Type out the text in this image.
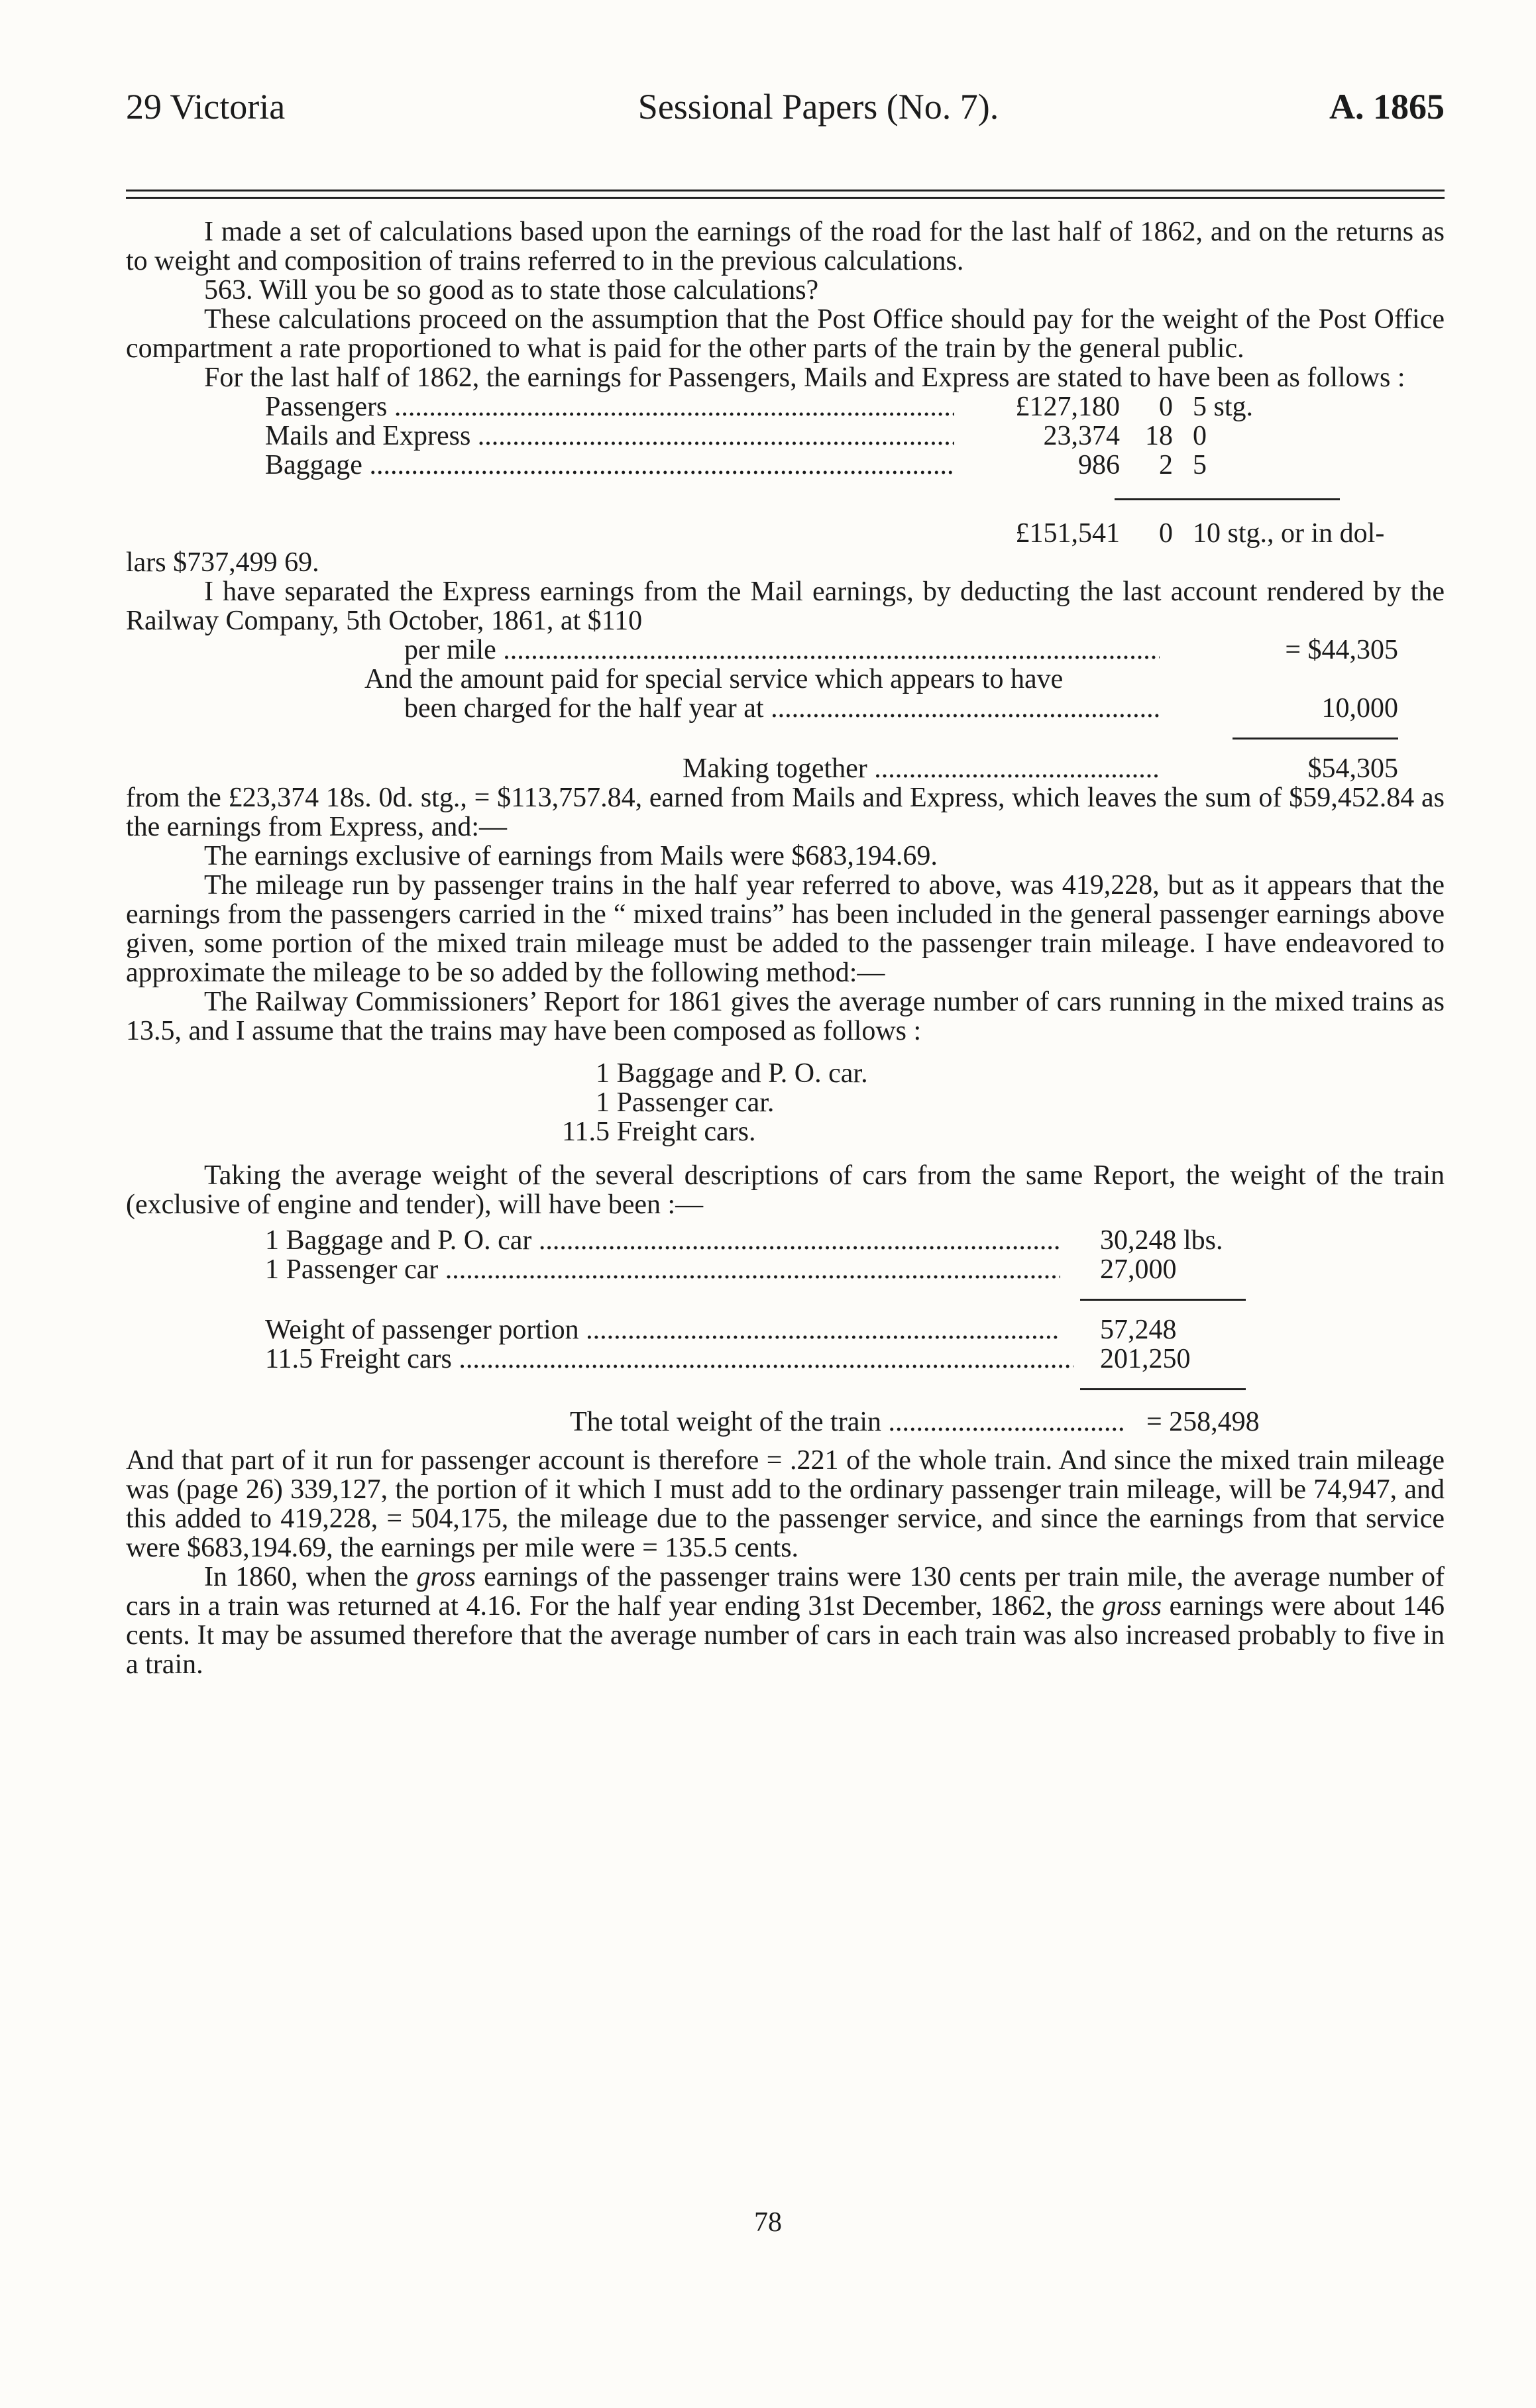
29 Victoria	Sessional Papers (No. 7).	A. 1865

I made a set of calculations based upon the earnings of the road for the last half of 1862, and on the returns as to weight and composition of trains referred to in the previous calculations.

563. Will you be so good as to state those calculations?

These calculations proceed on the assumption that the Post Office should pay for the weight of the Post Office compartment a rate proportioned to what is paid for the other parts of the train by the general public.

For the last half of 1862, the earnings for Passengers, Mails and Express are stated to have been as follows :

Passengers .....	£127,180	0 5 stg.
Mails and Express .....	23,374 18 0
Baggage .....	986	2 5
£151,541	0 10 stg., or in dol-

lars $737,499 69.

I have separated the Express earnings from the Mail earnings, by deducting the last account rendered by the Railway Company, 5th October, 1861, at $110

per mile .....	= $44,305
And the amount paid for special service which appears to have
been charged for the half year at .....	10,000
Making together .....	$54,305

from the £23,374 18s. 0d. stg., = $113,757.84, earned from Mails and Express, which leaves the sum of $59,452.84 as the earnings from Express, and:—

The earnings exclusive of earnings from Mails were $683,194.69.

The mileage run by passenger trains in the half year referred to above, was 419,228, but as it appears that the earnings from the passengers carried in the “ mixed trains” has been included in the general passenger earnings above given, some portion of the mixed train mileage must be added to the passenger train mileage. I have endeavored to approximate the mileage to be so added by the following method:—

The Railway Commissioners’ Report for 1861 gives the average number of cars running in the mixed trains as 13.5, and I assume that the trains may have been composed as follows :

1 Baggage and P. O. car.
1 Passenger car.
11.5 Freight cars.

Taking the average weight of the several descriptions of cars from the same Report, the weight of the train (exclusive of engine and tender), will have been :—

1 Baggage and P. O. car .....	30,248 lbs.
1 Passenger car .....	27,000
Weight of passenger portion .....	57,248
11.5 Freight cars .....	201,250
The total weight of the train .....	= 258,498

And that part of it run for passenger account is therefore = .221 of the whole train. And since the mixed train mileage was (page 26) 339,127, the portion of it which I must add to the ordinary passenger train mileage, will be 74,947, and this added to 419,228, = 504,175, the mileage due to the passenger service, and since the earnings from that service were $683,194.69, the earnings per mile were = 135.5 cents.

In 1860, when the gross earnings of the passenger trains were 130 cents per train mile, the average number of cars in a train was returned at 4.16. For the half year ending 31st December, 1862, the gross earnings were about 146 cents. It may be assumed therefore that the average number of cars in each train was also increased probably to five in a train.

78
